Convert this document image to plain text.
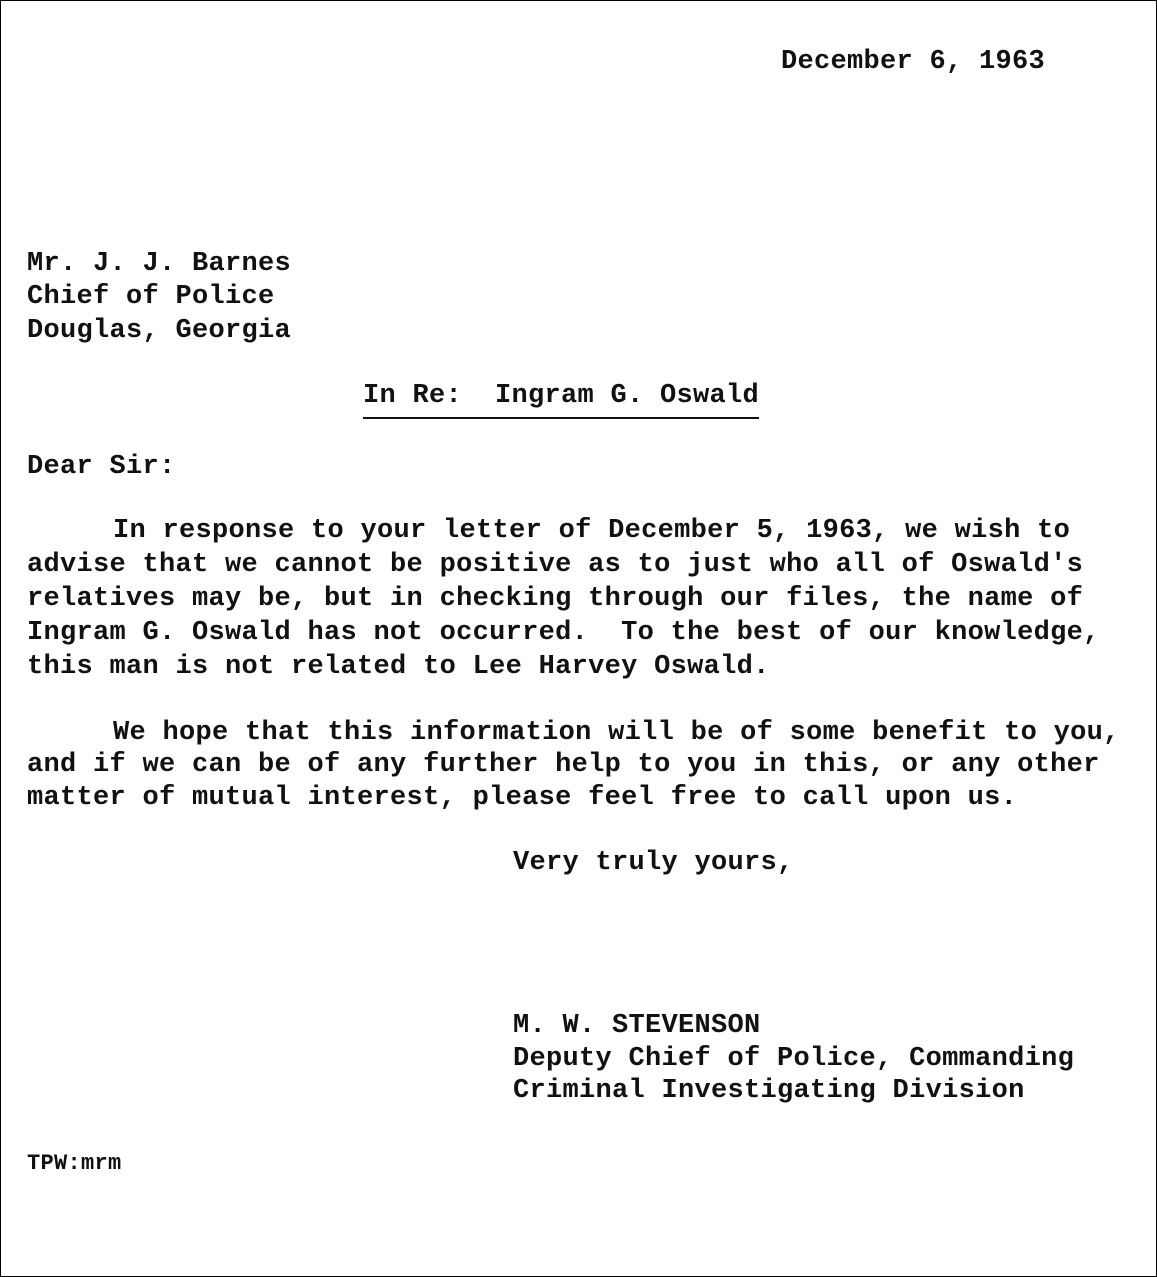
December 6, 1963
Mr. J. J. Barnes
Chief of Police
Douglas, Georgia
In Re:  Ingram G. Oswald
Dear Sir:
In response to your letter of December 5, 1963, we wish to
advise that we cannot be positive as to just who all of Oswald's
relatives may be, but in checking through our files, the name of
Ingram G. Oswald has not occurred.  To the best of our knowledge,
this man is not related to Lee Harvey Oswald.
We hope that this information will be of some benefit to you,
and if we can be of any further help to you in this, or any other
matter of mutual interest, please feel free to call upon us.
Very truly yours,
M. W. STEVENSON
Deputy Chief of Police, Commanding
Criminal Investigating Division
TPW:mrm
